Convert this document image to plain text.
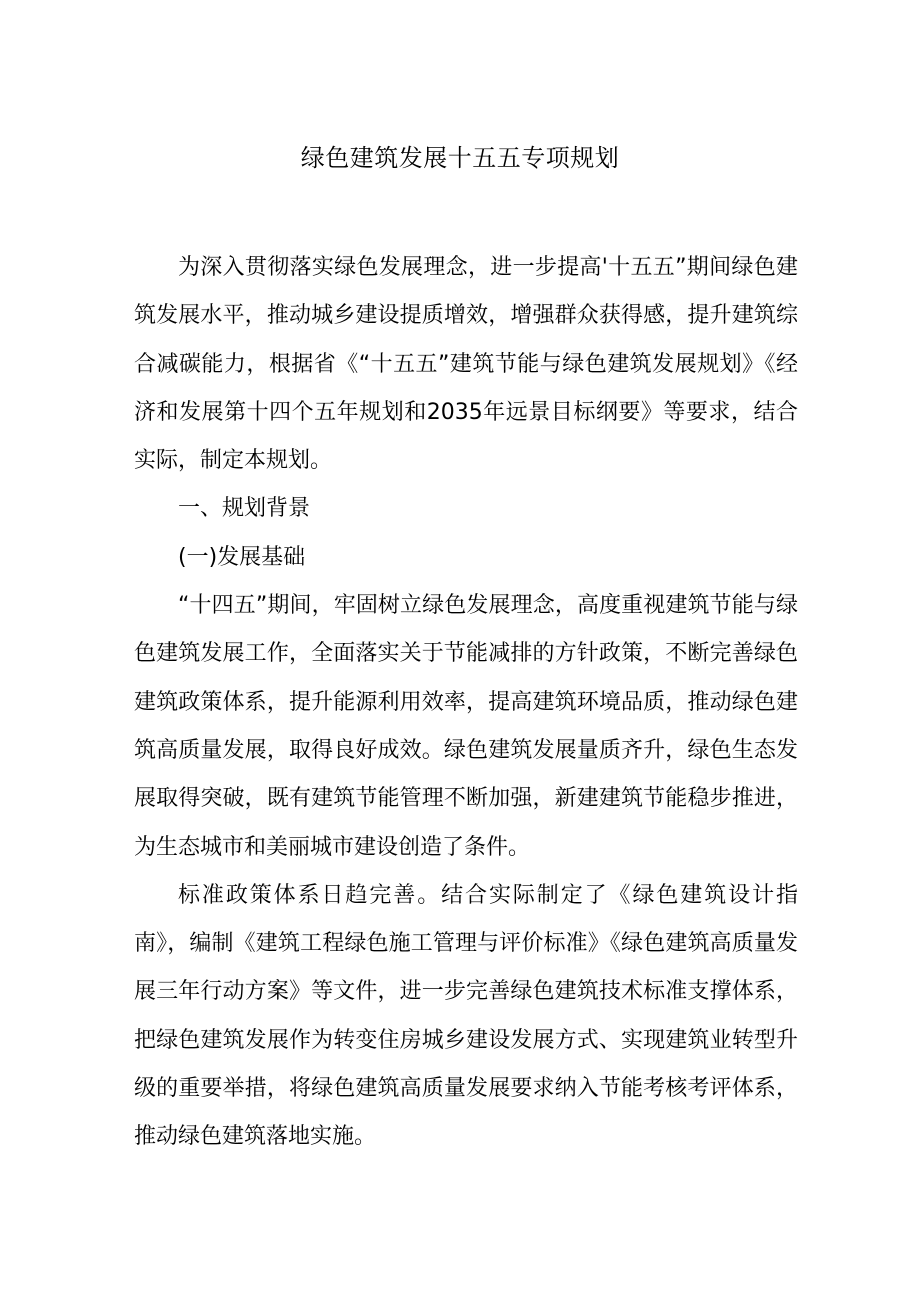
绿色建筑发展十五五专项规划

为深入贯彻落实绿色发展理念，进一步提高'十五五”期间绿色建筑发展水平，推动城乡建设提质增效，增强群众获得感，提升建筑综合减碳能力，根据省《“十五五”建筑节能与绿色建筑发展规划》《经济和发展第十四个五年规划和2035年远景目标纲要》等要求，结合实际，制定本规划。

一、规划背景

(一)发展基础

“十四五”期间，牢固树立绿色发展理念，高度重视建筑节能与绿色建筑发展工作，全面落实关于节能减排的方针政策，不断完善绿色建筑政策体系，提升能源利用效率，提高建筑环境品质，推动绿色建筑高质量发展，取得良好成效。绿色建筑发展量质齐升，绿色生态发展取得突破，既有建筑节能管理不断加强，新建建筑节能稳步推进，为生态城市和美丽城市建设创造了条件。

标准政策体系日趋完善。结合实际制定了《绿色建筑设计指南》，编制《建筑工程绿色施工管理与评价标准》《绿色建筑高质量发展三年行动方案》等文件，进一步完善绿色建筑技术标准支撑体系，把绿色建筑发展作为转变住房城乡建设发展方式、实现建筑业转型升级的重要举措，将绿色建筑高质量发展要求纳入节能考核考评体系，推动绿色建筑落地实施。
